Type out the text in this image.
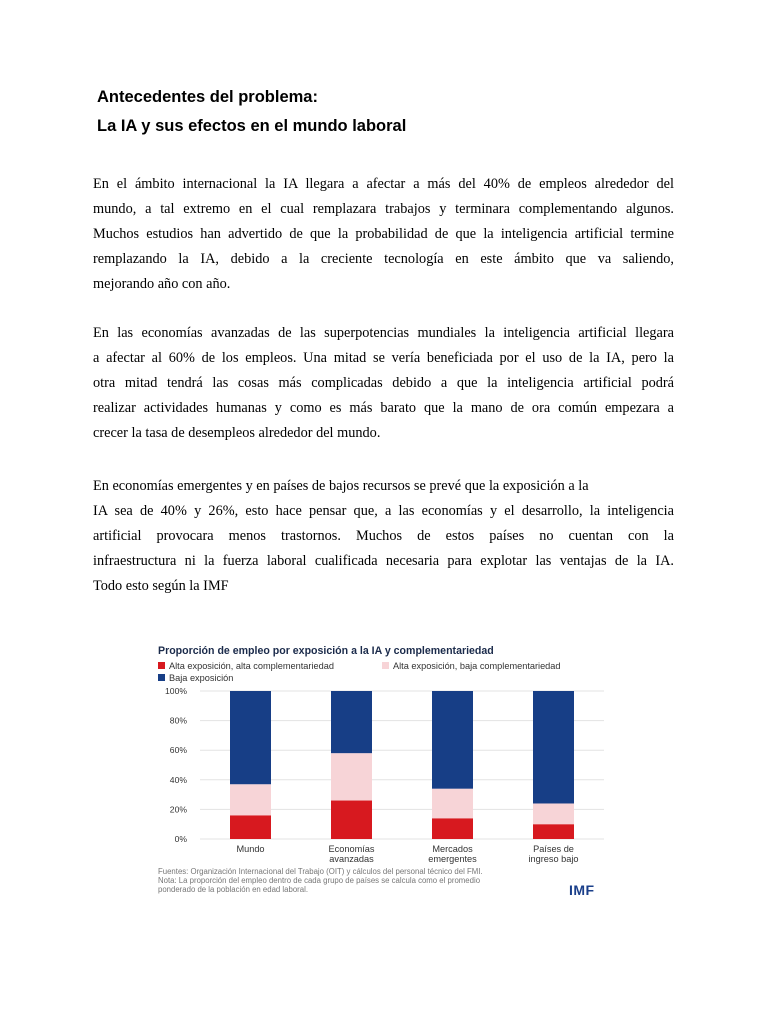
Antecedentes del problema:
La IA y sus efectos en el mundo laboral
En el ámbito internacional la IA llegara a afectar a más del 40% de empleos alrededor del
mundo, a tal extremo en el cual remplazara trabajos y terminara complementando algunos.
Muchos estudios han advertido de que la probabilidad de que la inteligencia artificial termine
remplazando la IA, debido a la creciente tecnología en este ámbito que va saliendo,
mejorando año con año.
En las economías avanzadas de las superpotencias mundiales la inteligencia artificial llegara
a afectar al 60% de los empleos. Una mitad se vería beneficiada por el uso de la IA, pero la
otra mitad tendrá las cosas más complicadas debido a que la inteligencia artificial podrá
realizar actividades humanas y como es más barato que la mano de ora común empezara a
crecer la tasa de desempleos alrededor del mundo.
En economías emergentes y en países de bajos recursos se prevé que la exposición a la
IA sea de 40% y 26%, esto hace pensar que, a las economías y el desarrollo, la inteligencia
artificial provocara menos trastornos. Muchos de estos países no cuentan con la
infraestructura ni la fuerza laboral cualificada necesaria para explotar las ventajas de la IA.
Todo esto según la IMF
Proporción de empleo por exposición a la IA y complementariedad
Alta exposición, alta complementariedad	Alta exposición, baja complementariedad
Baja exposición
0%
20%
40%
60%
80%
100%
Mundo	Economías
avanzadas
Mercados
emergentes
Países de
ingreso bajo
Fuentes: Organización Internacional del Trabajo (OIT) y cálculos del personal técnico del FMI.
Nota: La proporción del empleo dentro de cada grupo de países se calcula como el promedio
ponderado de la población en edad laboral.	IMF
